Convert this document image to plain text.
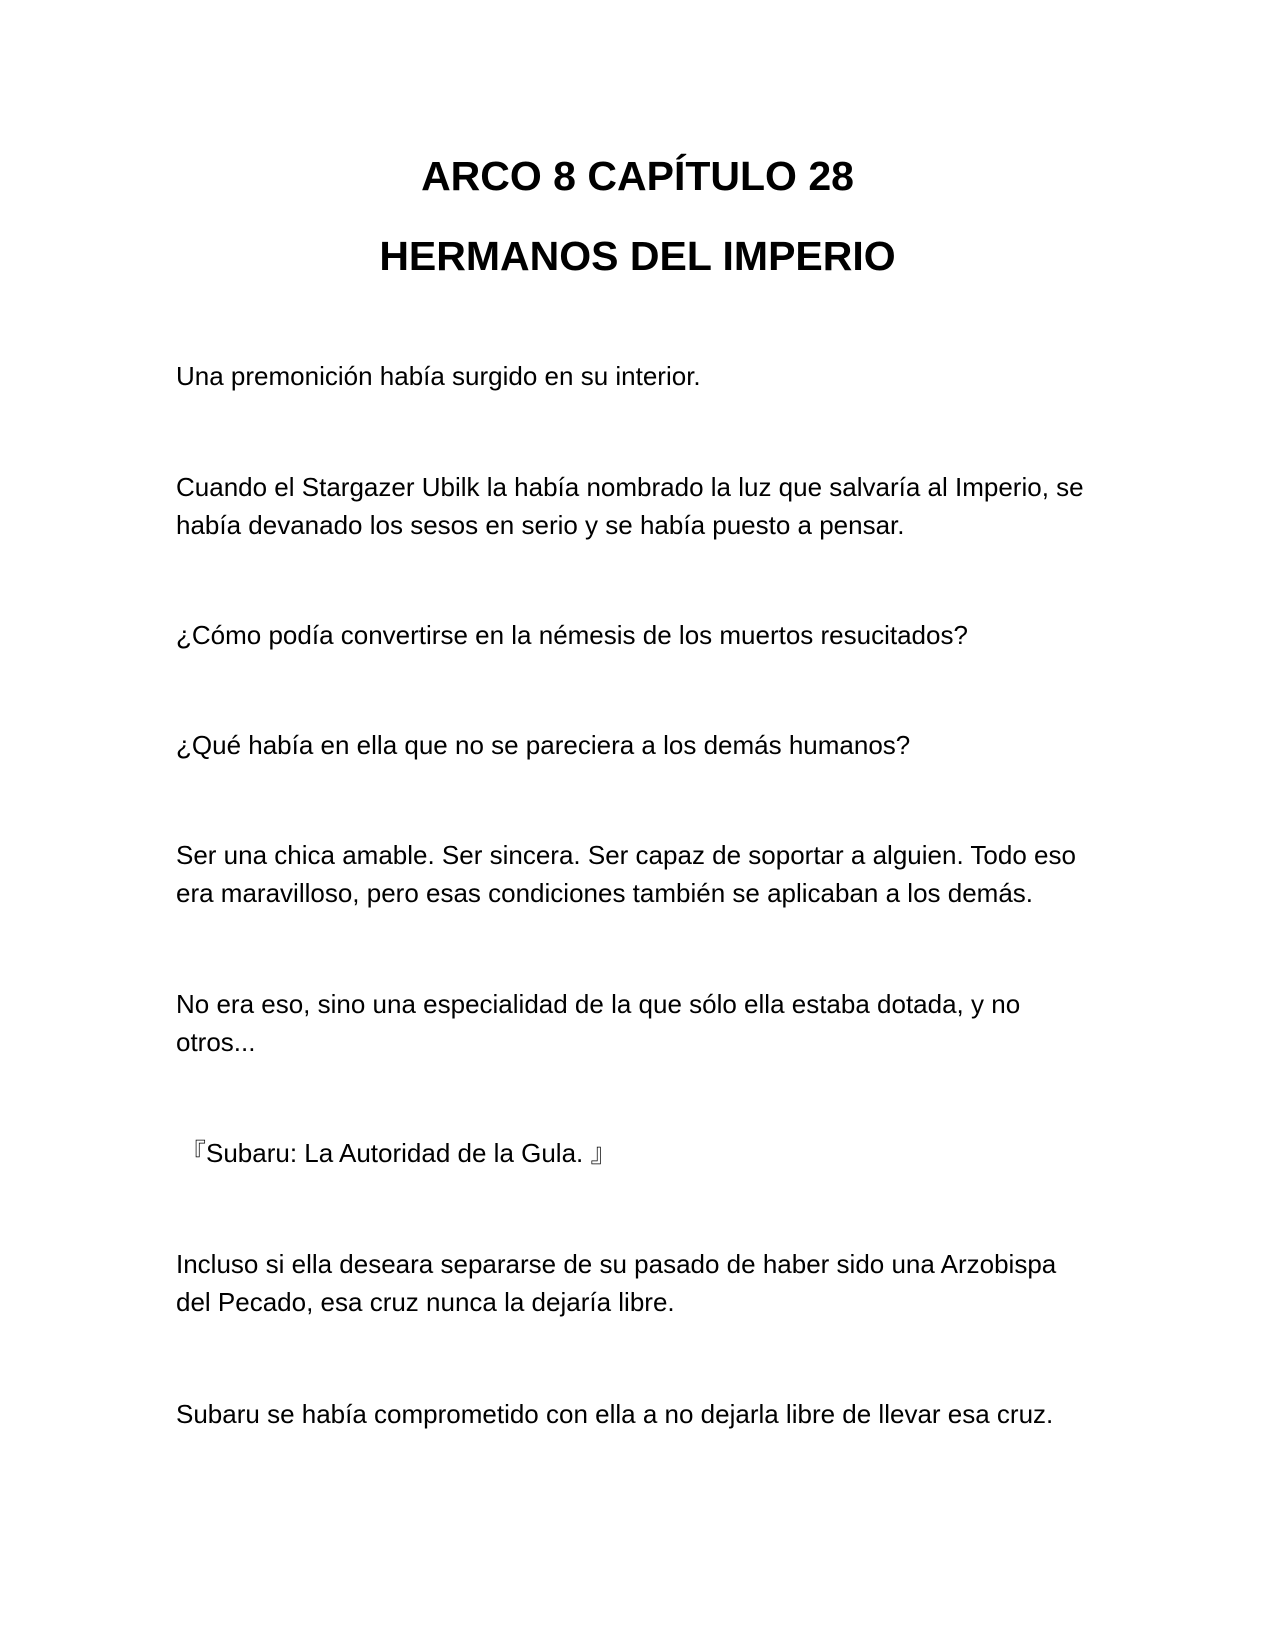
ARCO 8 CAPÍTULO 28
HERMANOS DEL IMPERIO

Una premonición había surgido en su interior.

Cuando el Stargazer Ubilk la había nombrado la luz que salvaría al Imperio, se
había devanado los sesos en serio y se había puesto a pensar.

¿Cómo podía convertirse en la némesis de los muertos resucitados?

¿Qué había en ella que no se pareciera a los demás humanos?

Ser una chica amable. Ser sincera. Ser capaz de soportar a alguien. Todo eso
era maravilloso, pero esas condiciones también se aplicaban a los demás.

No era eso, sino una especialidad de la que sólo ella estaba dotada, y no
otros...

『Subaru: La Autoridad de la Gula. 』

Incluso si ella deseara separarse de su pasado de haber sido una Arzobispa
del Pecado, esa cruz nunca la dejaría libre.

Subaru se había comprometido con ella a no dejarla libre de llevar esa cruz.
